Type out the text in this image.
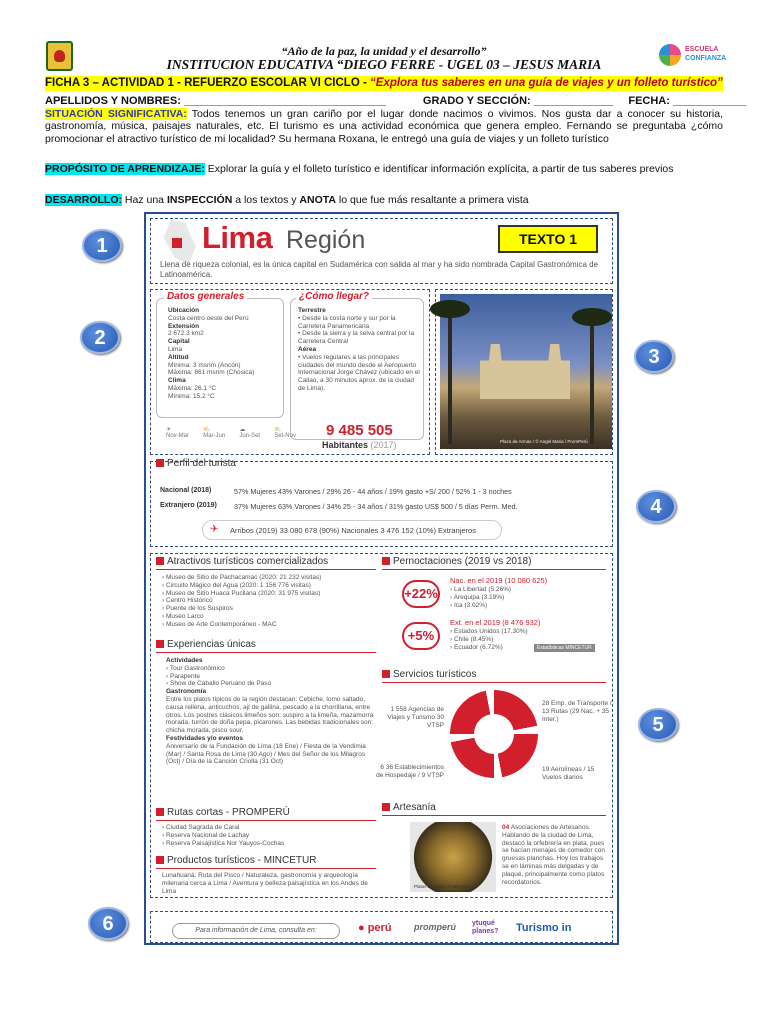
“Año de la paz, la unidad y el desarrollo”
INSTITUCION EDUCATIVA “DIEGO FERRE - UGEL 03 – JESUS MARIA
ESCUELA
CONFIANZA
FICHA 3 – ACTIVIDAD 1 - REFUERZO ESCOLAR VI CICLO - “Explora tus saberes en una guía de viajes y un folleto turístico”
APELLIDOS Y NOMBRES: _________________________________	GRADO Y SECCIÓN: _____________ FECHA: ____________
SITUACIÓN SIGNIFICATIVA: Todos tenemos un gran cariño por el lugar donde nacimos o vivimos. Nos gusta dar a conocer su historia, gastronomía, música, paisajes naturales, etc. El turismo es una actividad económica que genera empleo. Fernando se preguntaba ¿cómo promocionar el atractivo turístico de mi localidad? Su hermana Roxana, le entregó una guía de viajes y un folleto turístico
PROPÓSITO DE APRENDIZAJE: Explorar la guía y el folleto turístico e identificar información explícita, a partir de tus saberes previos
DESARROLLO: Haz una INSPECCIÓN a los textos y ANOTA lo que fue más resaltante a primera vista
1
2
3
4
5
6
Lima Región	TEXTO 1
Llena de riqueza colonial, es la única capital en Sudamérica con salida al mar y ha sido nombrada Capital Gastronómica de Latinoamérica.
Datos generales
Ubicación
Costa centro oeste del Perú
Extensión
2 672.3 km2
Capital
Lima
Altitud
Mínima: 3 msnm (Ancón)
Máxima: 861 msnm (Chosica)
Clima
Máxima: 26.1 °C
Mínima: 15.2 °C
¿Cómo llegar?
Terrestre
• Desde la costa norte y sur por la Carretera Panamericana
• Desde la sierra y la selva central por la Carretera Central
Aérea
• Vuelos regulares a las principales ciudades del mundo desde el Aeropuerto Internacional Jorge Chávez (ubicado en el Callao, a 30 minutos aprox. de la ciudad de Lima).
☀
Nov-Mar
⛅
Mar-Jun
☁
Jun-Set
⛅
Set-Nov 9 485 505
Habitantes (2017)	Plaza de Armas / © Angel Maria / PromPerú
Perfil del turista
Nacional (2018)	57% Mujeres 43% Varones / 29% 26 - 44 años / 19% gasto +S/ 200 / 52% 1 - 3 noches
Extranjero (2019) 37% Mujeres 63% Varones / 34% 25 - 34 años / 31% gasto US$ 500 / 5 días Perm. Med.
✈ Arribos (2019) 33 080 678 (90%) Nacionales 3 476 152 (10%) Extranjeros
Atractivos turísticos comercializados
› Museo de Sitio de Pachacamac (2020: 21 232 visitas)
› Circuito Mágico del Agua (2020: 1 156 776 visitas)
› Museo de Sitio Huaca Pucllana (2020: 31 975 visitas)
› Centro Histórico
› Puente de los Suspiros
› Museo Larco
› Museo de Arte Contemporáneo - MAC
Experiencias únicas
Actividades
› Tour Gastronómico
› Parapente
› Show de Caballo Peruano de Paso
Gastronomía
Entre los platos típicos de la región destacan: Cebiche, lomo saltado, causa rellena, anticuchos, ají de gallina, pescado a la chorrillana, entre otros. Los postres clásicos limeños son: suspiro a la limeña, mazamorra morada, turrón de doña pepa, picarones. Las bebidas tradicionales son: chicha morada, pisco sour.
Festividades y/o eventos
Aniversario de la Fundación de Lima (18 Ene) / Fiesta de la Vendimia (Mar) / Santa Rosa de Lima (30 Ago) / Mes del Señor de los Milagros (Oct) / Día de la Canción Criolla (31 Oct)
Rutas cortas - PROMPERÚ
› Ciudad Sagrada de Caral
› Reserva Nacional de Lachay
› Reserva Paisajística Nor Yauyos-Cochas
Productos turísticos - MINCETUR
Lunahuaná: Ruta del Pisco / Naturaleza, gastronomía y arqueología milenaria cerca a Lima / Aventura y belleza paisajística en los Andes de Lima
Pernoctaciones (2019 vs 2018)
+22%
Nac. en el 2019 (10 080 625)
› La Libertad (5.26%)
› Arequipa (3.19%)
› Ica (3.02%)
+5%
Ext. en el 2019 (8 476 932)
› Estados Unidos (17.30%)
› Chile (8.45%)
› Ecuador (6.72%)	Estadísticas MINCETUR
Servicios turísticos
1 558 Agencias de Viajes y Turismo 30 VTSP
28 Emp. de Transporte / 13 Rutas (29 Nac. + 35 Inter.)
6 36 Establecimientos de Hospedaje / 9 VTSP
19 Aerolíneas / 15 Vuelos diarios
Artesanía
Platos de plata / © Mincetur
04 Asociaciones de Artesanos. Hablando de la ciudad de Lima, destacó la orfebrería en plata, pues se hacían menajes de comedor con gruesas planchas. Hoy los trabajos se en láminas más delgadas y de plaqué, principalmente como platos recordatorios.
Para información de Lima, consulta en:	● perú promperú ytuqué planes?	Turismo in
